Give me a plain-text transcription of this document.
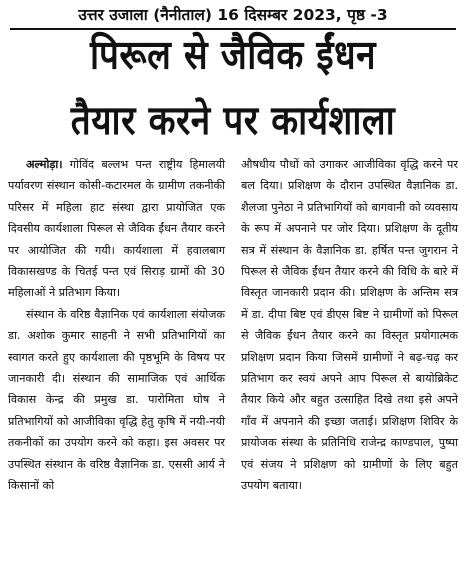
उत्तर उजाला (नैनीताल) 16 दिसम्बर 2023, पृष्ठ -3
पिरूल से जैविक ईंधन
तैयार करने पर कार्यशाला

अल्मोड़ा। गोविंद बल्लभ पन्त राष्ट्रीय हिमालयी पर्यावरण संस्थान कोसी-कटारमल के ग्रामीण तकनीकी परिसर में महिला हाट संस्था द्वारा प्रायोजित एक दिवसीय कार्यशाला पिरूल से जैविक ईंधन तैयार करने पर आयोजित की गयी। कार्यशाला में हवालबाग विकासखण्ड के चितई पन्त एवं सिराड़ ग्रामों की 30 महिलाओं ने प्रतिभाग किया।

संस्थान के वरिष्ठ वैज्ञानिक एवं कार्यशाला संयोजक डा. अशोक कुमार साहनी ने सभी प्रतिभागियों का स्वागत करते हुए कार्यशाला की पृष्ठभूमि के विषय पर जानकारी दी। संस्थान की सामाजिक एवं आर्थिक विकास केन्द्र की प्रमुख डा. पारोमिता घोष ने प्रतिभागियों को आजीविका वृद्धि हेतु कृषि में नयी-नयी तकनीकों का उपयोग करने को कहा। इस अवसर पर उपस्थित संस्थान के वरिष्ठ वैज्ञानिक डा. एससी आर्य ने किसानों को

औषधीय पौधों को उगाकर आजीविका वृद्धि करने पर बल दिया। प्रशिक्षण के दौरान उपस्थित वैज्ञानिक डा. शैलजा पुनेठा ने प्रतिभागियों को बागवानी को व्यवसाय के रूप में अपनाने पर जोर दिया। प्रशिक्षण के दूतीय सत्र में संस्थान के वैज्ञानिक डा. हर्षित पन्त जुगरान ने पिरूल से जैविक ईंधन तैयार करने की विधि के बारे में विस्तृत जानकारी प्रदान की। प्रशिक्षण के अन्तिम सत्र में डा. दीपा बिष्ट एवं डीएस बिष्ट ने ग्रामीणों को पिरूल से जैविक ईंधन तैयार करने का विस्तृत प्रयोगात्मक प्रशिक्षण प्रदान किया जिसमें ग्रामीणों ने बढ़-चढ़ कर प्रतिभाग कर स्वयं अपने आप पिरूल से बायोब्रिकेट तैयार किये और बहुत उत्साहित दिखे तथा इसे अपने गाँव में अपनाने की इच्छा जताई। प्रशिक्षण शिविर के प्रायोजक संस्था के प्रतिनिधि राजेन्द्र काण्डपाल, पुष्पा एवं संजय ने प्रशिक्षण को ग्रामीणों के लिए बहुत उपयोग बताया।
